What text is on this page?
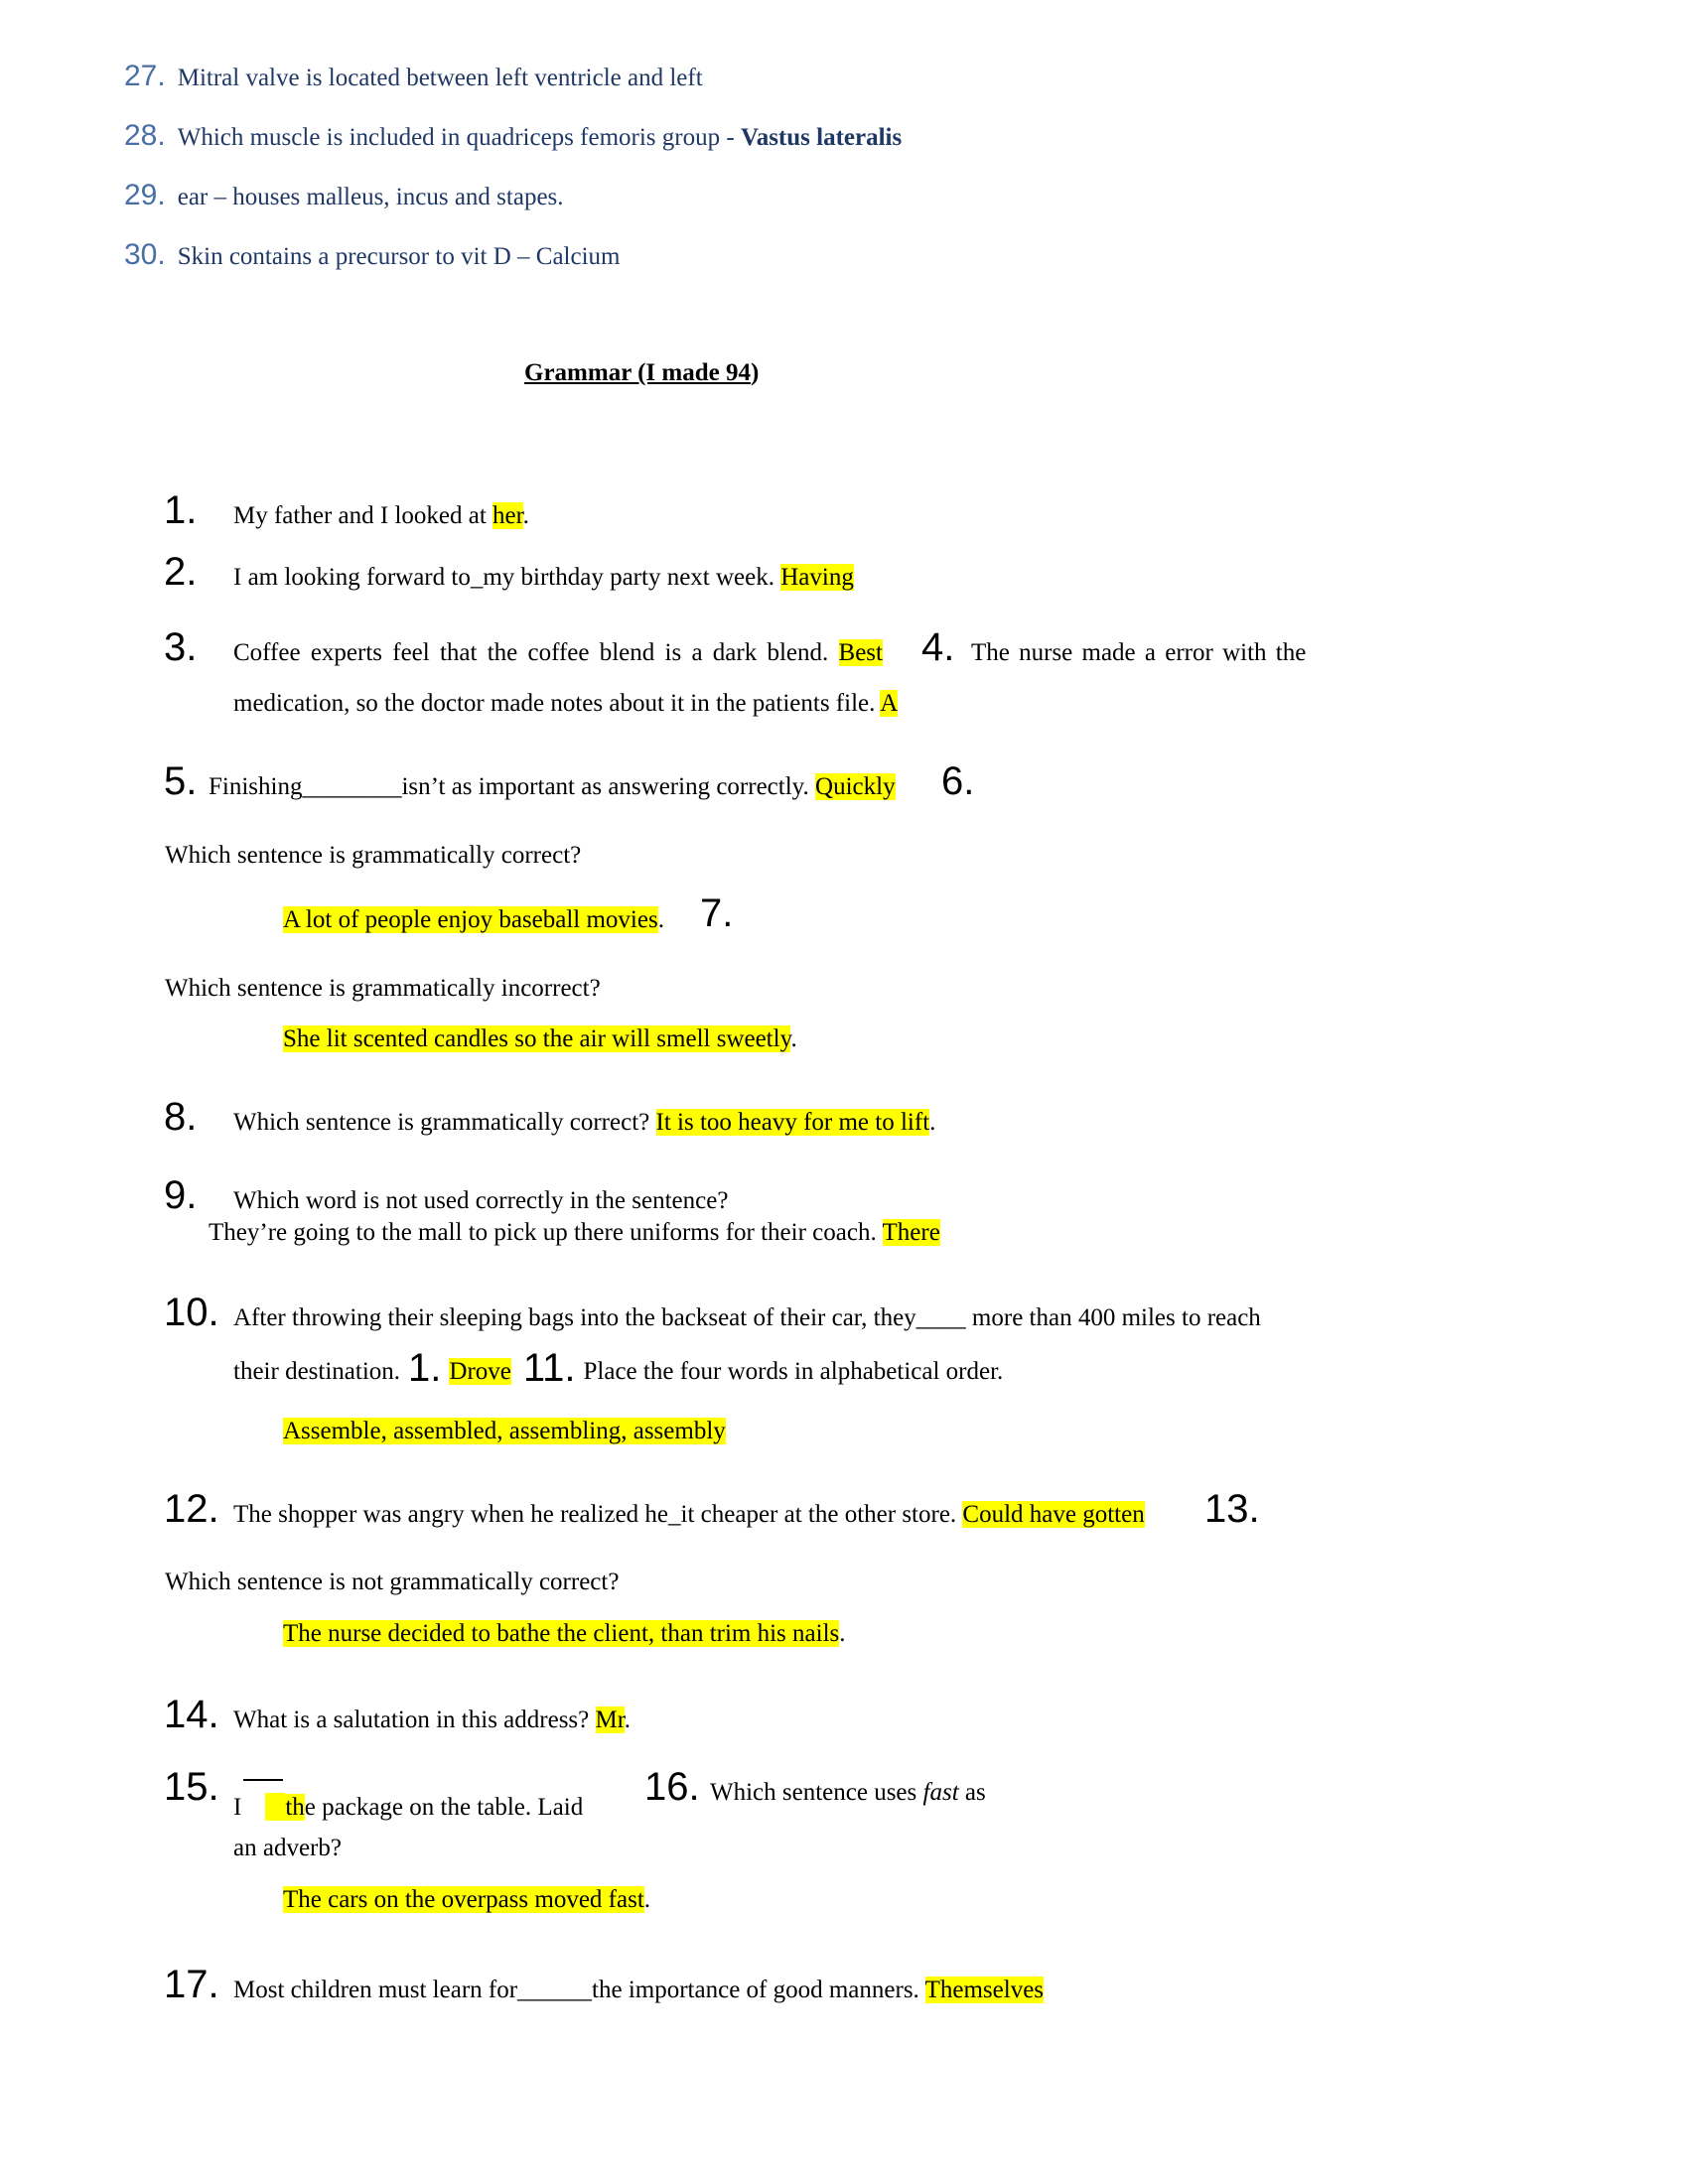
27. Mitral valve is located between left ventricle and left
28. Which muscle is included in quadriceps femoris group - Vastus lateralis
29. ear – houses malleus, incus and stapes.
30. Skin contains a precursor to vit D – Calcium
Grammar (I made 94)
1. My father and I looked at her.
2. I am looking forward to_my birthday party next week. Having
3. Coffee experts feel that the coffee blend is a dark blend. Best 4. The nurse made a error with the
medication, so the doctor made notes about it in the patients file. A
5. Finishing________isn’t as important as answering correctly. Quickly 6.
Which sentence is grammatically correct?
A lot of people enjoy baseball movies. 7.
Which sentence is grammatically incorrect?
She lit scented candles so the air will smell sweetly.
8. Which sentence is grammatically correct? It is too heavy for me to lift.
9. Which word is not used correctly in the sentence?
They’re going to the mall to pick up there uniforms for their coach. There
10. After throwing their sleeping bags into the backseat of their car, they____ more than 400 miles to reach
their destination. 1. Drove 11. Place the four words in alphabetical order.
Assemble, assembled, assembling, assembly
12. The shopper was angry when he realized he_it cheaper at the other store. Could have gotten 13.
Which sentence is not grammatically correct?
The nurse decided to bathe the client, than trim his nails.
14. What is a salutation in this address? Mr.
15. I the package on the table. Laid 16. Which sentence uses fast as
an adverb?
The cars on the overpass moved fast.
17. Most children must learn for______the importance of good manners. Themselves
